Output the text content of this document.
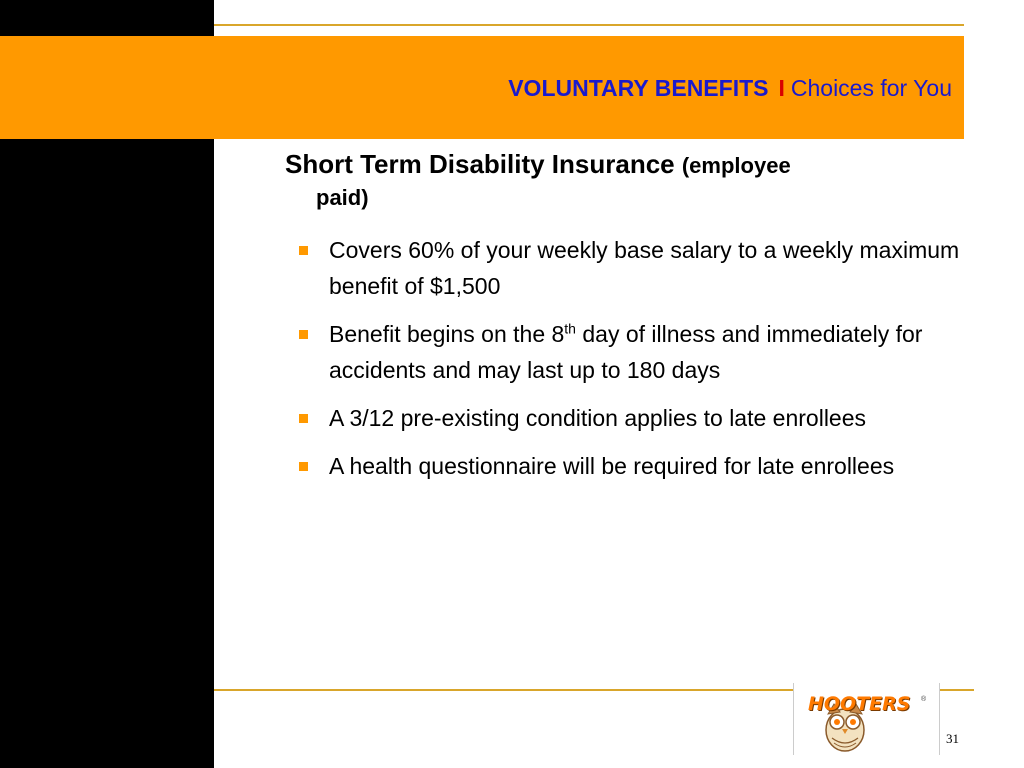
VOLUNTARY BENEFITS I Choices for You
Short Term Disability Insurance (employee
paid)
Covers 60% of your weekly base salary to a weekly maximum benefit of $1,500
Benefit begins on the 8th day of illness and immediately for accidents and may last up to 180 days
A 3/12 pre-existing condition applies to late enrollees
A health questionnaire will be required for late enrollees
HOOTERS ®
31
